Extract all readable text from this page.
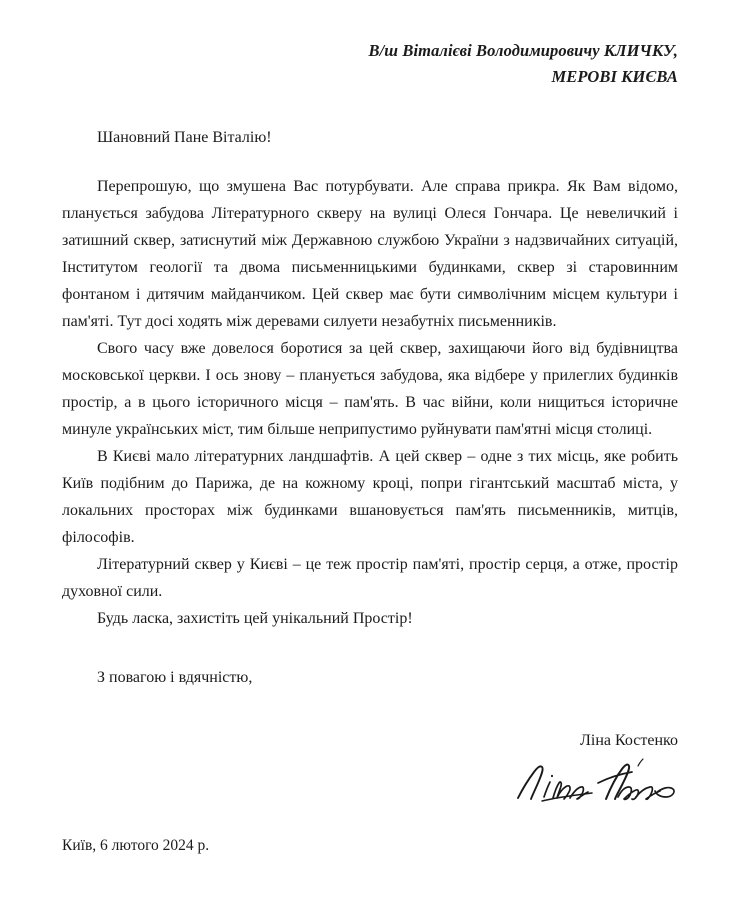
В/ш Віталієві Володимировичу КЛИЧКУ,
МЕРОВІ КИЄВА
Шановний Пане Віталію!

Перепрошую, що змушена Вас потурбувати. Але справа прикра. Як Вам відомо, планується забудова Літературного скверу на вулиці Олеся Гончара. Це невеличкий і затишний сквер, затиснутий між Державною службою України з надзвичайних ситуацій, Інститутом геології та двома письменницькими будинками, сквер зі старовинним фонтаном і дитячим майданчиком. Цей сквер має бути символічним місцем культури і пам'яті. Тут досі ходять між деревами силуети незабутніх письменників.

Свого часу вже довелося боротися за цей сквер, захищаючи його від будівництва московської церкви. І ось знову – планується забудова, яка відбере у прилеглих будинків простір, а в цього історичного місця – пам'ять. В час війни, коли нищиться історичне минуле українських міст, тим більше неприпустимо руйнувати пам'ятні місця столиці.

В Києві мало літературних ландшафтів. А цей сквер – одне з тих місць, яке робить Київ подібним до Парижа, де на кожному кроці, попри гігантський масштаб міста, у локальних просторах між будинками вшановується пам'ять письменників, митців, філософів.

Літературний сквер у Києві – це теж простір пам'яті, простір серця, а отже, простір духовної сили.

Будь ласка, захистіть цей унікальний Простір!

З повагою і вдячністю,
Ліна Костенко
Київ, 6 лютого 2024 р.
